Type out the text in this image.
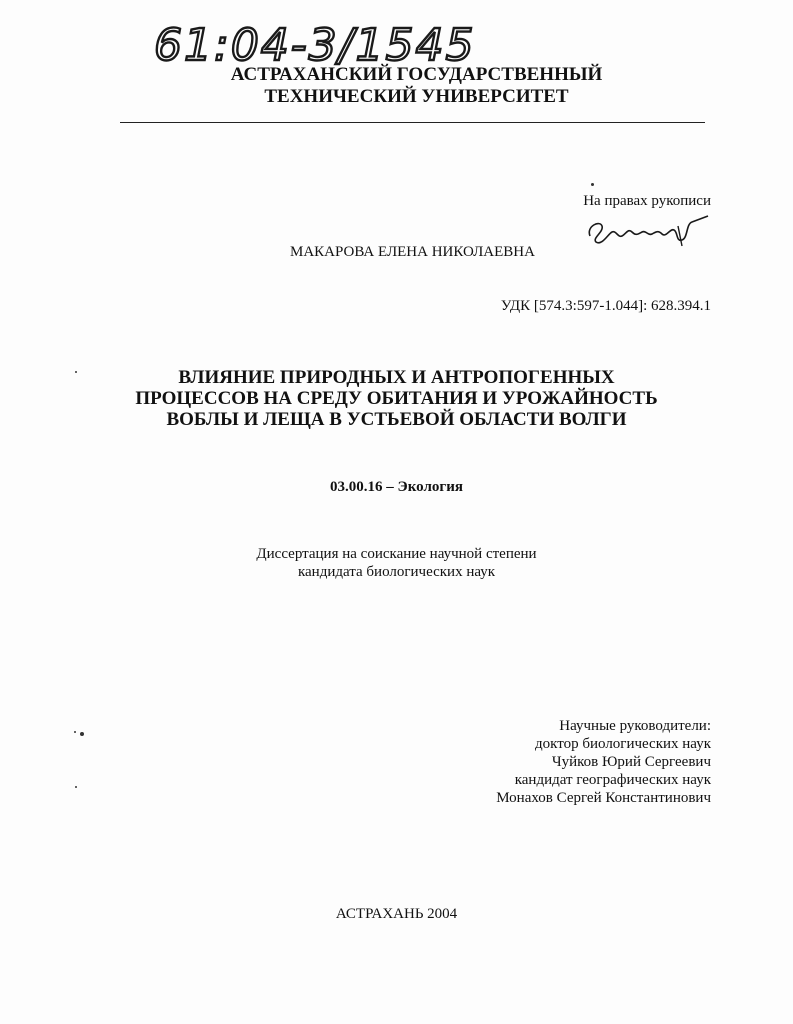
61:04-3/1545
АСТРАХАНСКИЙ ГОСУДАРСТВЕННЫЙ
ТЕХНИЧЕСКИЙ УНИВЕРСИТЕТ
На правах рукописи
МАКАРОВА ЕЛЕНА НИКОЛАЕВНА
УДК [574.3:597-1.044]: 628.394.1
ВЛИЯНИЕ ПРИРОДНЫХ И АНТРОПОГЕННЫХ
ПРОЦЕССОВ НА СРЕДУ ОБИТАНИЯ И УРОЖАЙНОСТЬ
ВОБЛЫ И ЛЕЩА В УСТЬЕВОЙ ОБЛАСТИ ВОЛГИ
03.00.16 – Экология
Диссертация на соискание научной степени
кандидата биологических наук
Научные руководители:
доктор биологических наук
Чуйков Юрий Сергеевич
кандидат географических наук
Монахов Сергей Константинович
АСТРАХАНЬ 2004
